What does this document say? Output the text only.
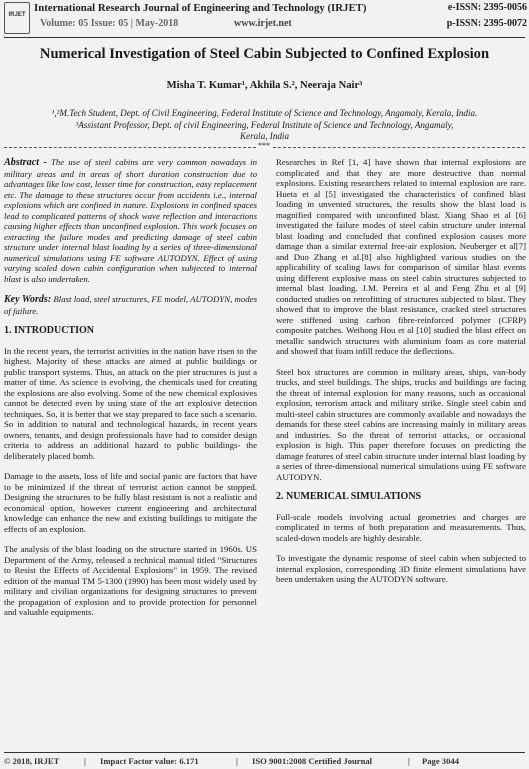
IRJET
International Research Journal of Engineering and Technology (IRJET)	e-ISSN: 2395-0056
Volume: 05 Issue: 05 | May-2018	www.irjet.net	p-ISSN: 2395-0072
Numerical Investigation of Steel Cabin Subjected to Confined Explosion
Misha T. Kumar¹, Akhila S.², Neeraja Nair³
¹,²M.Tech Student, Dept. of Civil Engineering, Federal Institute of Science and Technology, Angamaly, Kerala, India.
³Assistant Professor, Dept. of civil Engineering, Federal Institute of Science and Technology, Angamaly,
Kerala, India
***

Abstract - The use of steel cabins are very common nowadays in military areas and in areas of short duration construction due to advantages like low cost, lesser time for construction, easy replacement etc. The damage to these structures occur from accidents i.e., internal explosions which are confined in nature. Explosions in confined spaces lead to complicated patterns of shock wave reflection and interactions causing higher effects than unconfined explosion. This work focuses on extracting the failure modes and predicting damage of steel cabin structure under internal blast loading by a series of three-dimensional numerical simulations using FE software AUTODYN. Effect of using varying scaled down cabin configuration when subjected to internal blast is also undertaken.

Key Words: Blast load, steel structures, FE model, AUTODYN, modes of failure.

1. INTRODUCTION

In the recent years, the terrorist activities in the nation have risen to the highest. Majority of these attacks are aimed at public buildings or public transport systems. Thus, an attack on the pier structures is just a matter of time. As science is evolving, the chemicals used for creating the explosions are also evolving. Some of the new chemical explosives cannot be detected even by using state of the art explosive detection techniques. So, it is better that we stay prepared to face such a scenario. So in addition to natural and technological hazards, in recent years owners, tenants, and design professionals have had to consider design criteria to address an additional hazard to public buildings- the deliberately placed bomb.

Damage to the assets, loss of life and social panic are factors that have to be minimized if the threat of terrorist action cannot be stopped. Designing the structures to be fully blast resistant is not a realistic and economical option, however current engineering and architectural knowledge can enhance the new and existing buildings to mitigate the effects of an explosion.

The analysis of the blast loading on the structure started in 1960s. US Department of the Army, released a technical manual titled "Structures to Resist the Effects of Accidental Explosions" in 1959. The revised edition of the manual TM 5-1300 (1990) has been most widely used by military and civilian organizations for designing structures to prevent the propagation of explosion and to provide protection for personnel and valuable equipments.

Researches in Ref [1, 4] have shown that internal explosions are complicated and that they are more destructive than normal explosions. Existing researchers related to internal explosion are rare. Hueta et al [5] investigated the characteristics of confined blast loading in unvented structures, the results show the blast load is magnified compared with unconfined blast. Xiang Shao et al [6] investigated the failure modes of steel cabin structure under internal blast loading and concluded that confined explosion causes more damage than a similar external free-air explosion. Neuberger et al[7] and Duo Zhang et al.[8] also highlighted various studies on the applicability of scaling laws for comparison of similar blast events using different explosive mass on steel cabin structures subjected to internal blast loading. J.M. Pereira et al and Feng Zhu et al [9] conducted studies on retrofitting of structures subjected to blast. They showed that to improve the blast resistance, cracked steel structures were stiffened using carbon fibre-reinforced polymer (CFRP) composite patches. Weihong Hou et al [10] studied the blast effect on metallic sandwich structures with aluminium foam as core material and showed that foam infill reduce the deflections.

Steel box structures are common in military areas, ships, van-body trucks, and steel buildings. The ships, trucks and buildings are facing the threat of internal explosion for many reasons, such as occasional explosion, terrorism attack and military strike. Single steel cabin and multi-steel cabin structures are commonly available and nowadays the demands for these steel cabins are increasing mainly in military areas and industries. So the threat of terrorist attacks, or occasional explosion is high. This paper therefore focuses on predicting the damage features of steel cabin structure under internal blast loading by a series of three-dimensional numerical simulations using FE software AUTODYN.

2. NUMERICAL SIMULATIONS

Full-scale models involving actual geometries and charges are complicated in terms of both preparation and measurements. Thus, scaled-down models are highly desirable.

To investigate the dynamic response of steel cabin when subjected to internal explosion, corresponding 3D finite element simulations have been undertaken using the AUTODYN software.

© 2018, IRJET	| Impact Factor value: 6.171	| ISO 9001:2008 Certified Journal	| Page 3044
